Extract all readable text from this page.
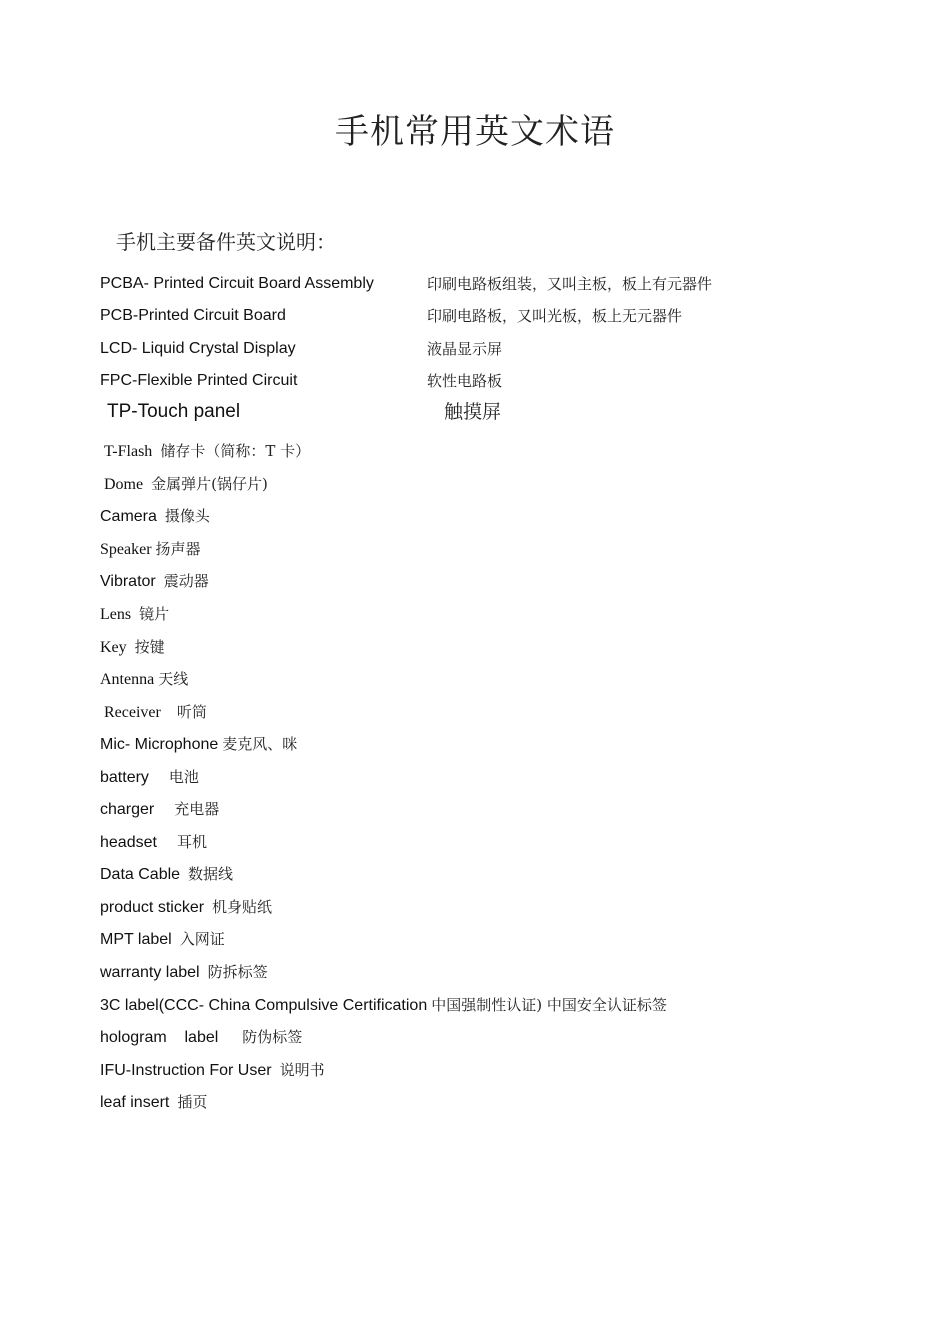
手机常用英文术语
手机主要备件英文说明：
PCBA- Printed Circuit Board Assembly	印刷电路板组装，又叫主板，板上有元器件
PCB-Printed Circuit Board	印刷电路板，又叫光板，板上无元器件
LCD- Liquid Crystal Display	液晶显示屏
FPC-Flexible Printed Circuit	软性电路板
TP-Touch panel	触摸屏
T-Flash 储存卡（简称：T 卡）
Dome 金属弹片(锅仔片)
Camera 摄像头
Speaker 扬声器
Vibrator 震动器
Lens 镜片
Key 按键
Antenna 天线
Receiver 听筒
Mic- Microphone 麦克风、咪
battery 电池
charger 充电器
headset 耳机
Data Cable 数据线
product sticker 机身贴纸
MPT label 入网证
warranty label 防拆标签
3C label(CCC- China Compulsive Certification 中国强制性认证) 中国安全认证标签
hologram    label 防伪标签
IFU-Instruction For User 说明书
leaf insert 插页
